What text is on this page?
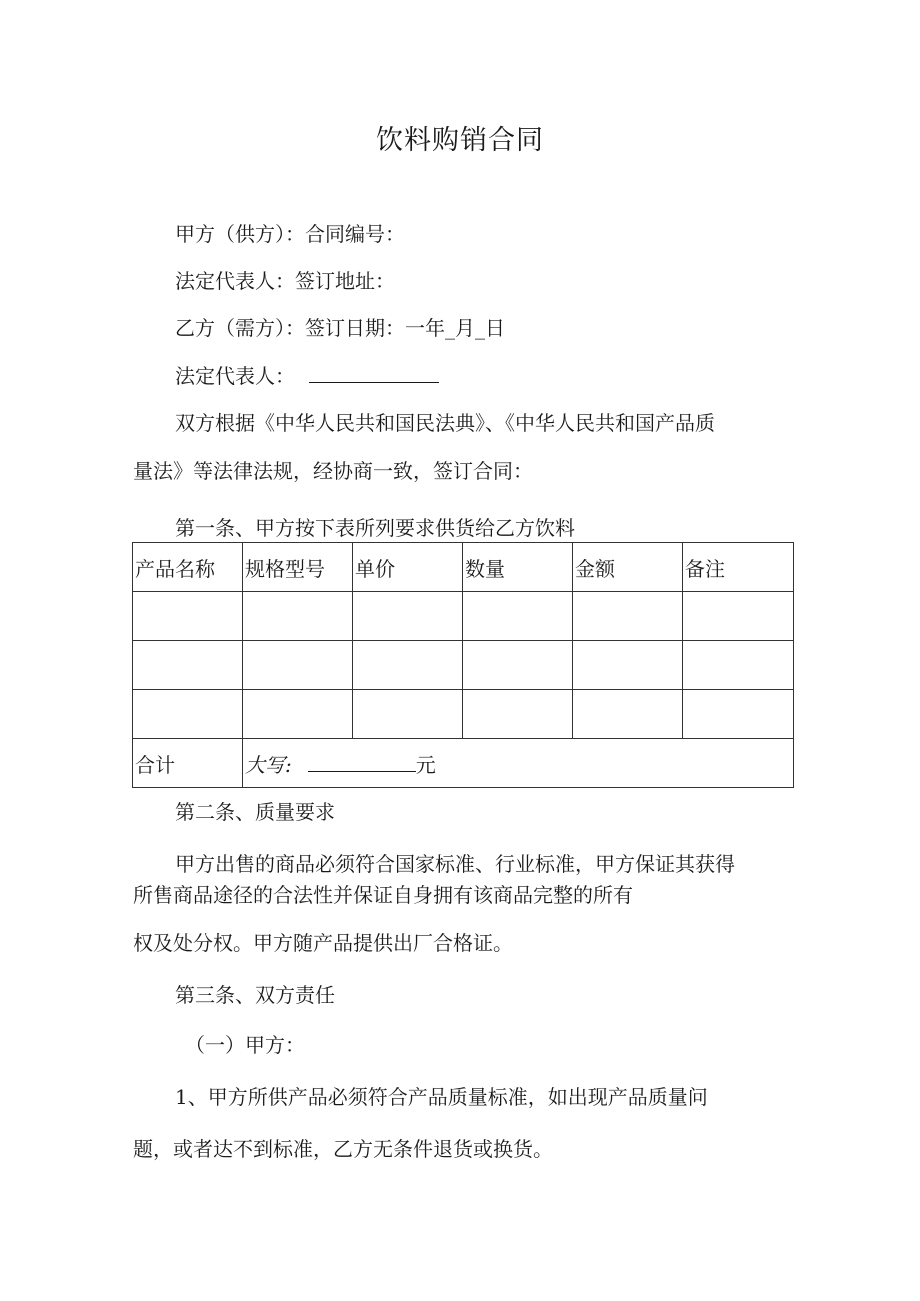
饮料购销合同
甲方（供方）：合同编号：
法定代表人：签订地址：
乙方（需方）：签订日期：一年_月_日
法定代表人：
双方根据《中华人民共和国民法典》、《中华人民共和国产品质
量法》等法律法规，经协商一致，签订合同：
第一条、甲方按下表所列要求供货给乙方饮料
产品名称	规格型号	单价	数量	金额	备注

合计	大写: 元				
第二条、质量要求
甲方出售的商品必须符合国家标准、行业标准，甲方保证其获得
所售商品途径的合法性并保证自身拥有该商品完整的所有
权及处分权。甲方随产品提供出厂合格证。
第三条、双方责任
（一）甲方：
1、甲方所供产品必须符合产品质量标准，如出现产品质量问
题，或者达不到标准，乙方无条件退货或换货。
